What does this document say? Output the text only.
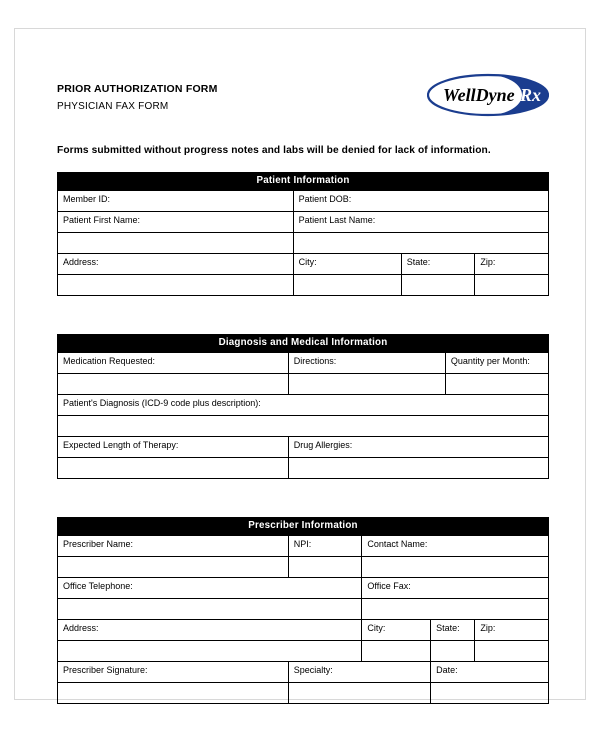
PRIOR AUTHORIZATION FORM
PHYSICIAN FAX FORM
WellDyne Rx
Forms submitted without progress notes and labs will be denied for lack of information.
Patient Information
Member ID:	Patient DOB:		
Patient First Name:	Patient Last Name:		

Address:	City:	State:	Zip:

Diagnosis and Medical Information
Medication Requested:	Directions:	Quantity per Month:

Patient's Diagnosis (ICD-9 code plus description):		

Expected Length of Therapy:	Drug Allergies:	

Prescriber Information
Prescriber Name:	NPI:	Contact Name:		

Office Telephone:		Office Fax:		

Address:		City:	State:	Zip:

Prescriber Signature:	Specialty:		Date:	
